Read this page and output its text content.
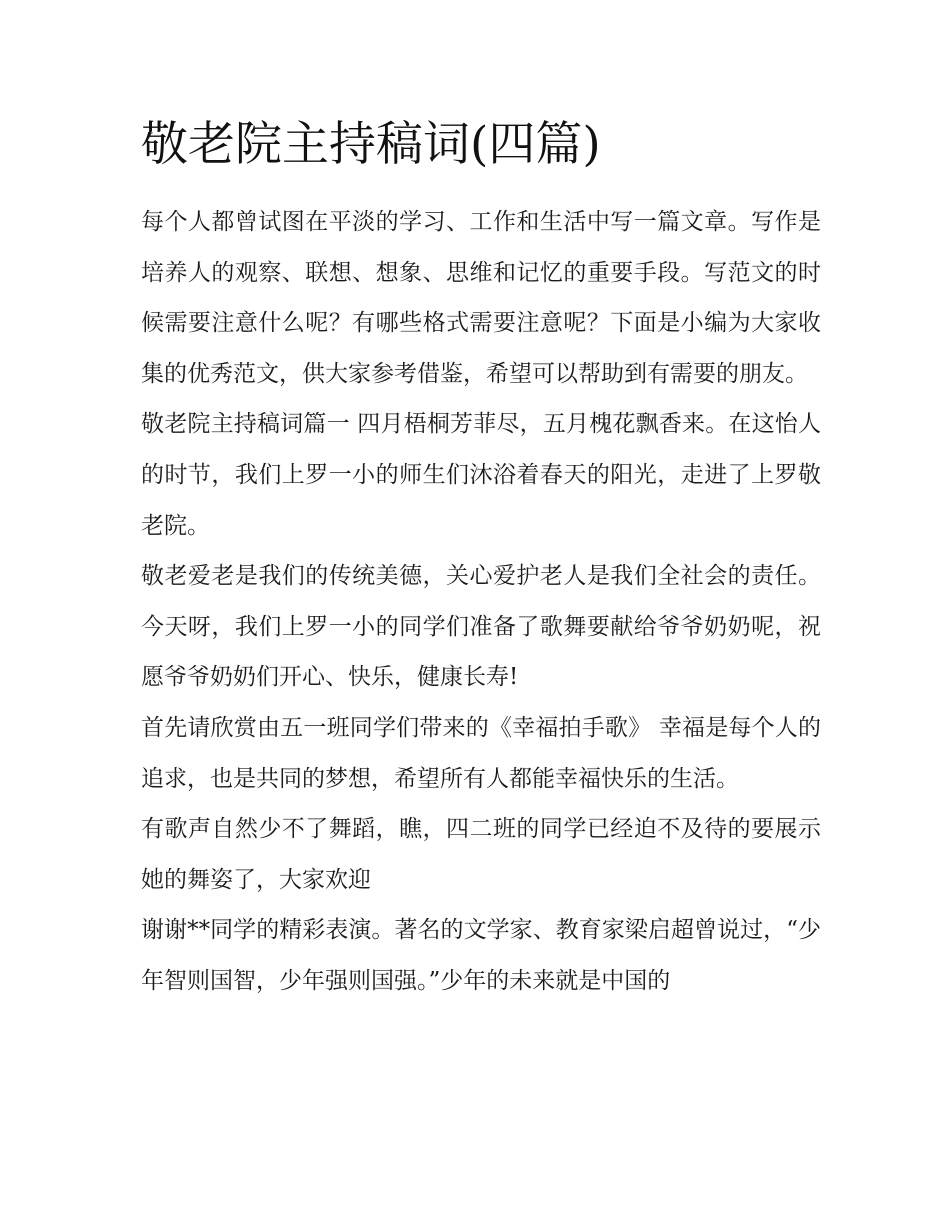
敬老院主持稿词(四篇)

每个人都曾试图在平淡的学习、工作和生活中写一篇文章。写作是培养人的观察、联想、想象、思维和记忆的重要手段。写范文的时候需要注意什么呢？有哪些格式需要注意呢？下面是小编为大家收集的优秀范文，供大家参考借鉴，希望可以帮助到有需要的朋友。

敬老院主持稿词篇一 四月梧桐芳菲尽，五月槐花飘香来。在这怡人的时节，我们上罗一小的师生们沐浴着春天的阳光，走进了上罗敬老院。

敬老爱老是我们的传统美德，关心爱护老人是我们全社会的责任。今天呀，我们上罗一小的同学们准备了歌舞要献给爷爷奶奶呢，祝愿爷爷奶奶们开心、快乐，健康长寿!

首先请欣赏由五一班同学们带来的《幸福拍手歌》 幸福是每个人的追求，也是共同的梦想，希望所有人都能幸福快乐的生活。

有歌声自然少不了舞蹈，瞧，四二班的同学已经迫不及待的要展示她的舞姿了，大家欢迎

谢谢**同学的精彩表演。著名的文学家、教育家梁启超曾说过，“少年智则国智，少年强则国强。”少年的未来就是中国的
